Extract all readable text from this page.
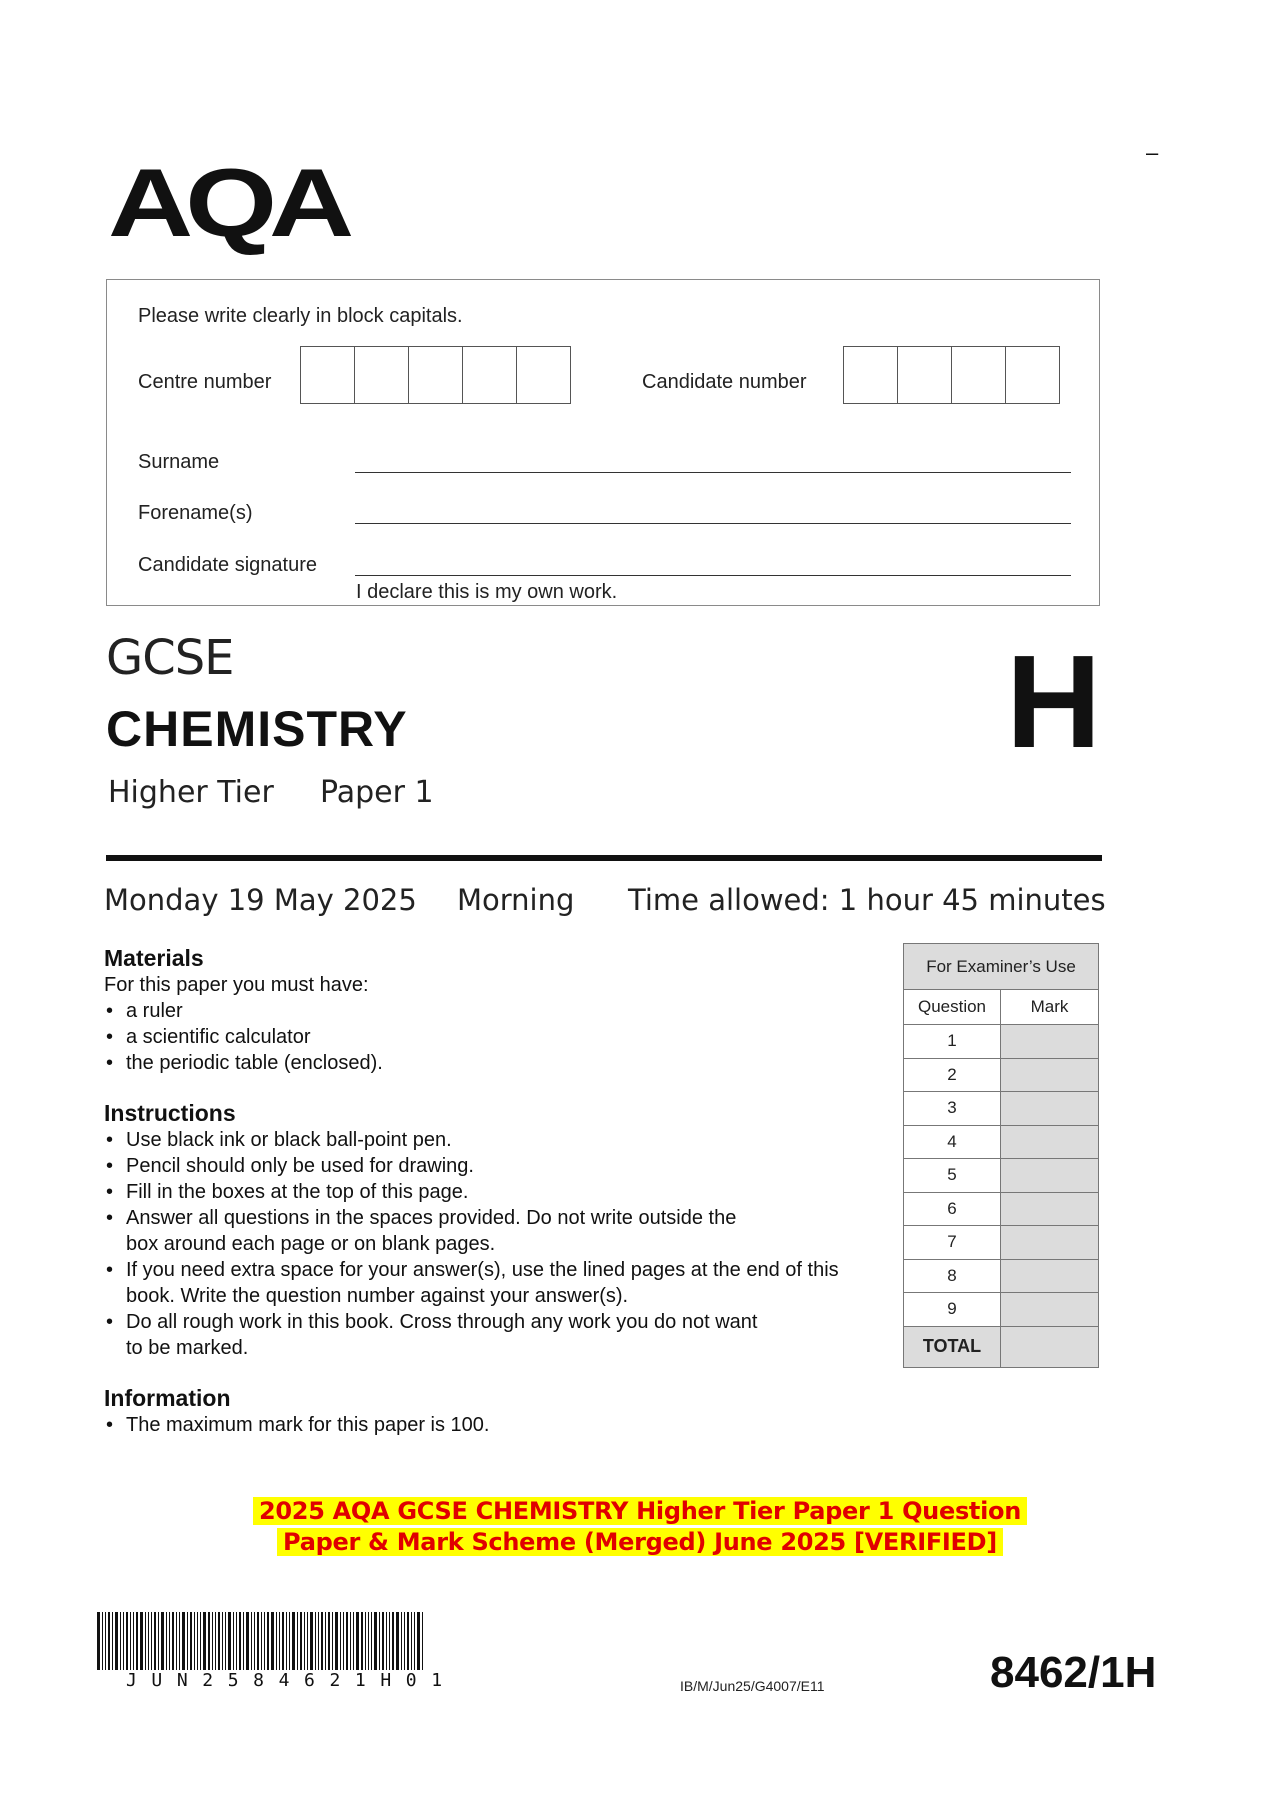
AQA	–
Please write clearly in block capitals.
Centre number	Candidate number
Surname
Forename(s)
Candidate signature
I declare this is my own work.
GCSE
CHEMISTRY
Higher Tier Paper 1
H
Monday 19 May 2025 Morning Time allowed: 1 hour 45 minutes
Materials
For this paper you must have:
• a ruler
• a scientific calculator
• the periodic table (enclosed).
Instructions
• Use black ink or black ball-point pen.
• Pencil should only be used for drawing.
• Fill in the boxes at the top of this page.
• Answer all questions in the spaces provided. Do not write outside the box around each page or on blank pages.
• If you need extra space for your answer(s), use the lined pages at the end of this book. Write the question number against your answer(s).
• Do all rough work in this book. Cross through any work you do not want to be marked.
Information
• The maximum mark for this paper is 100.
For Examiner’s Use	
Question	Mark
1	
2	
3	
4	
5	
6	
7	
8	
9	
TOTAL	
2025 AQA GCSE CHEMISTRY Higher Tier Paper 1 Question
Paper & Mark Scheme (Merged) June 2025 [VERIFIED]
JUN2584621H01	IB/M/Jun25/G4007/E11	8462/1H
